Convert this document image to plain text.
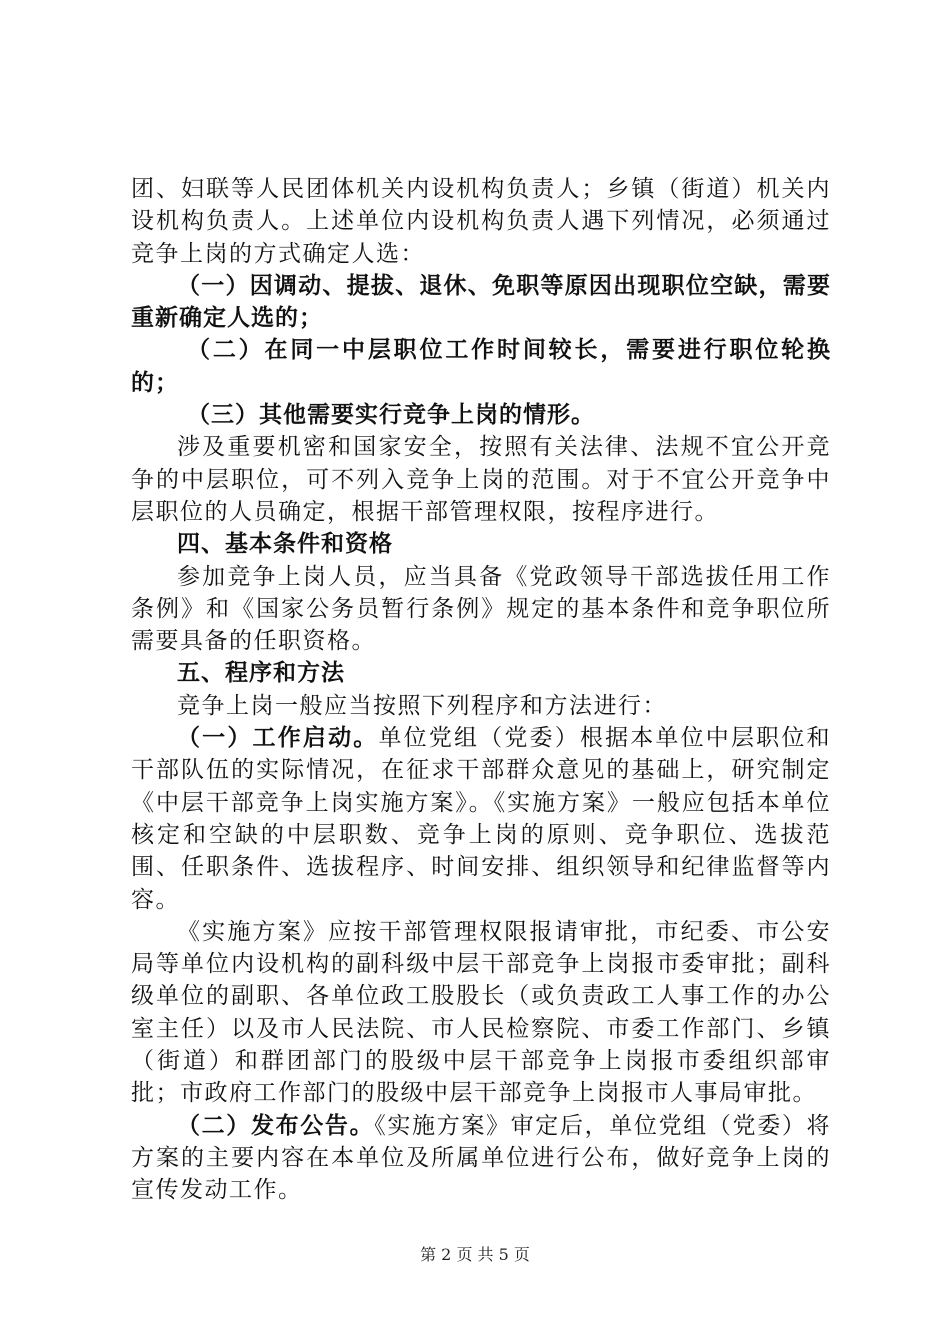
团、妇联等人民团体机关内设机构负责人；乡镇（街道）机关内设机构负责人。上述单位内设机构负责人遇下列情况，必须通过竞争上岗的方式确定人选：

（一）因调动、提拔、退休、免职等原因出现职位空缺，需要重新确定人选的；

（二）在同一中层职位工作时间较长，需要进行职位轮换的；

（三）其他需要实行竞争上岗的情形。

涉及重要机密和国家安全，按照有关法律、法规不宜公开竞争的中层职位，可不列入竞争上岗的范围。对于不宜公开竞争中层职位的人员确定，根据干部管理权限，按程序进行。

四、基本条件和资格

参加竞争上岗人员，应当具备《党政领导干部选拔任用工作条例》和《国家公务员暂行条例》规定的基本条件和竞争职位所需要具备的任职资格。

五、程序和方法

竞争上岗一般应当按照下列程序和方法进行：

（一）工作启动。单位党组（党委）根据本单位中层职位和干部队伍的实际情况，在征求干部群众意见的基础上，研究制定《中层干部竞争上岗实施方案》。《实施方案》一般应包括本单位核定和空缺的中层职数、竞争上岗的原则、竞争职位、选拔范围、任职条件、选拔程序、时间安排、组织领导和纪律监督等内容。

《实施方案》应按干部管理权限报请审批，市纪委、市公安局等单位内设机构的副科级中层干部竞争上岗报市委审批；副科级单位的副职、各单位政工股股长（或负责政工人事工作的办公室主任）以及市人民法院、市人民检察院、市委工作部门、乡镇（街道）和群团部门的股级中层干部竞争上岗报市委组织部审批；市政府工作部门的股级中层干部竞争上岗报市人事局审批。

（二）发布公告。《实施方案》审定后，单位党组（党委）将方案的主要内容在本单位及所属单位进行公布，做好竞争上岗的宣传发动工作。

第 2 页 共 5 页
